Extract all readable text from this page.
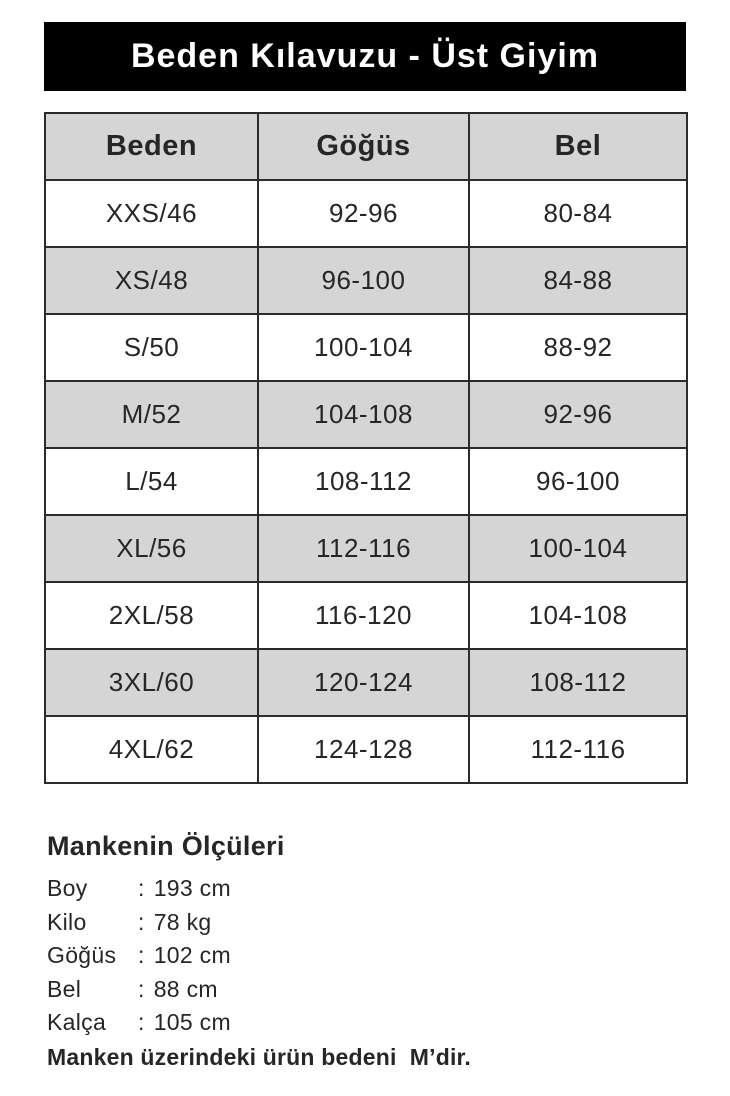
Beden Kılavuzu - Üst Giyim
Beden	Göğüs	Bel
XXS/46	92-96	80-84
XS/48	96-100	84-88
S/50	100-104	88-92
M/52	104-108	92-96
L/54	108-112	96-100
XL/56	112-116	100-104
2XL/58	116-120	104-108
3XL/60	120-124	108-112
4XL/62	124-128	112-116
Mankenin Ölçüleri
Boy	: 193 cm
Kilo	: 78 kg
Göğüs : 102 cm
Bel	: 88 cm
Kalça	: 105 cm
Manken üzerindeki ürün bedeni  M’dir.
